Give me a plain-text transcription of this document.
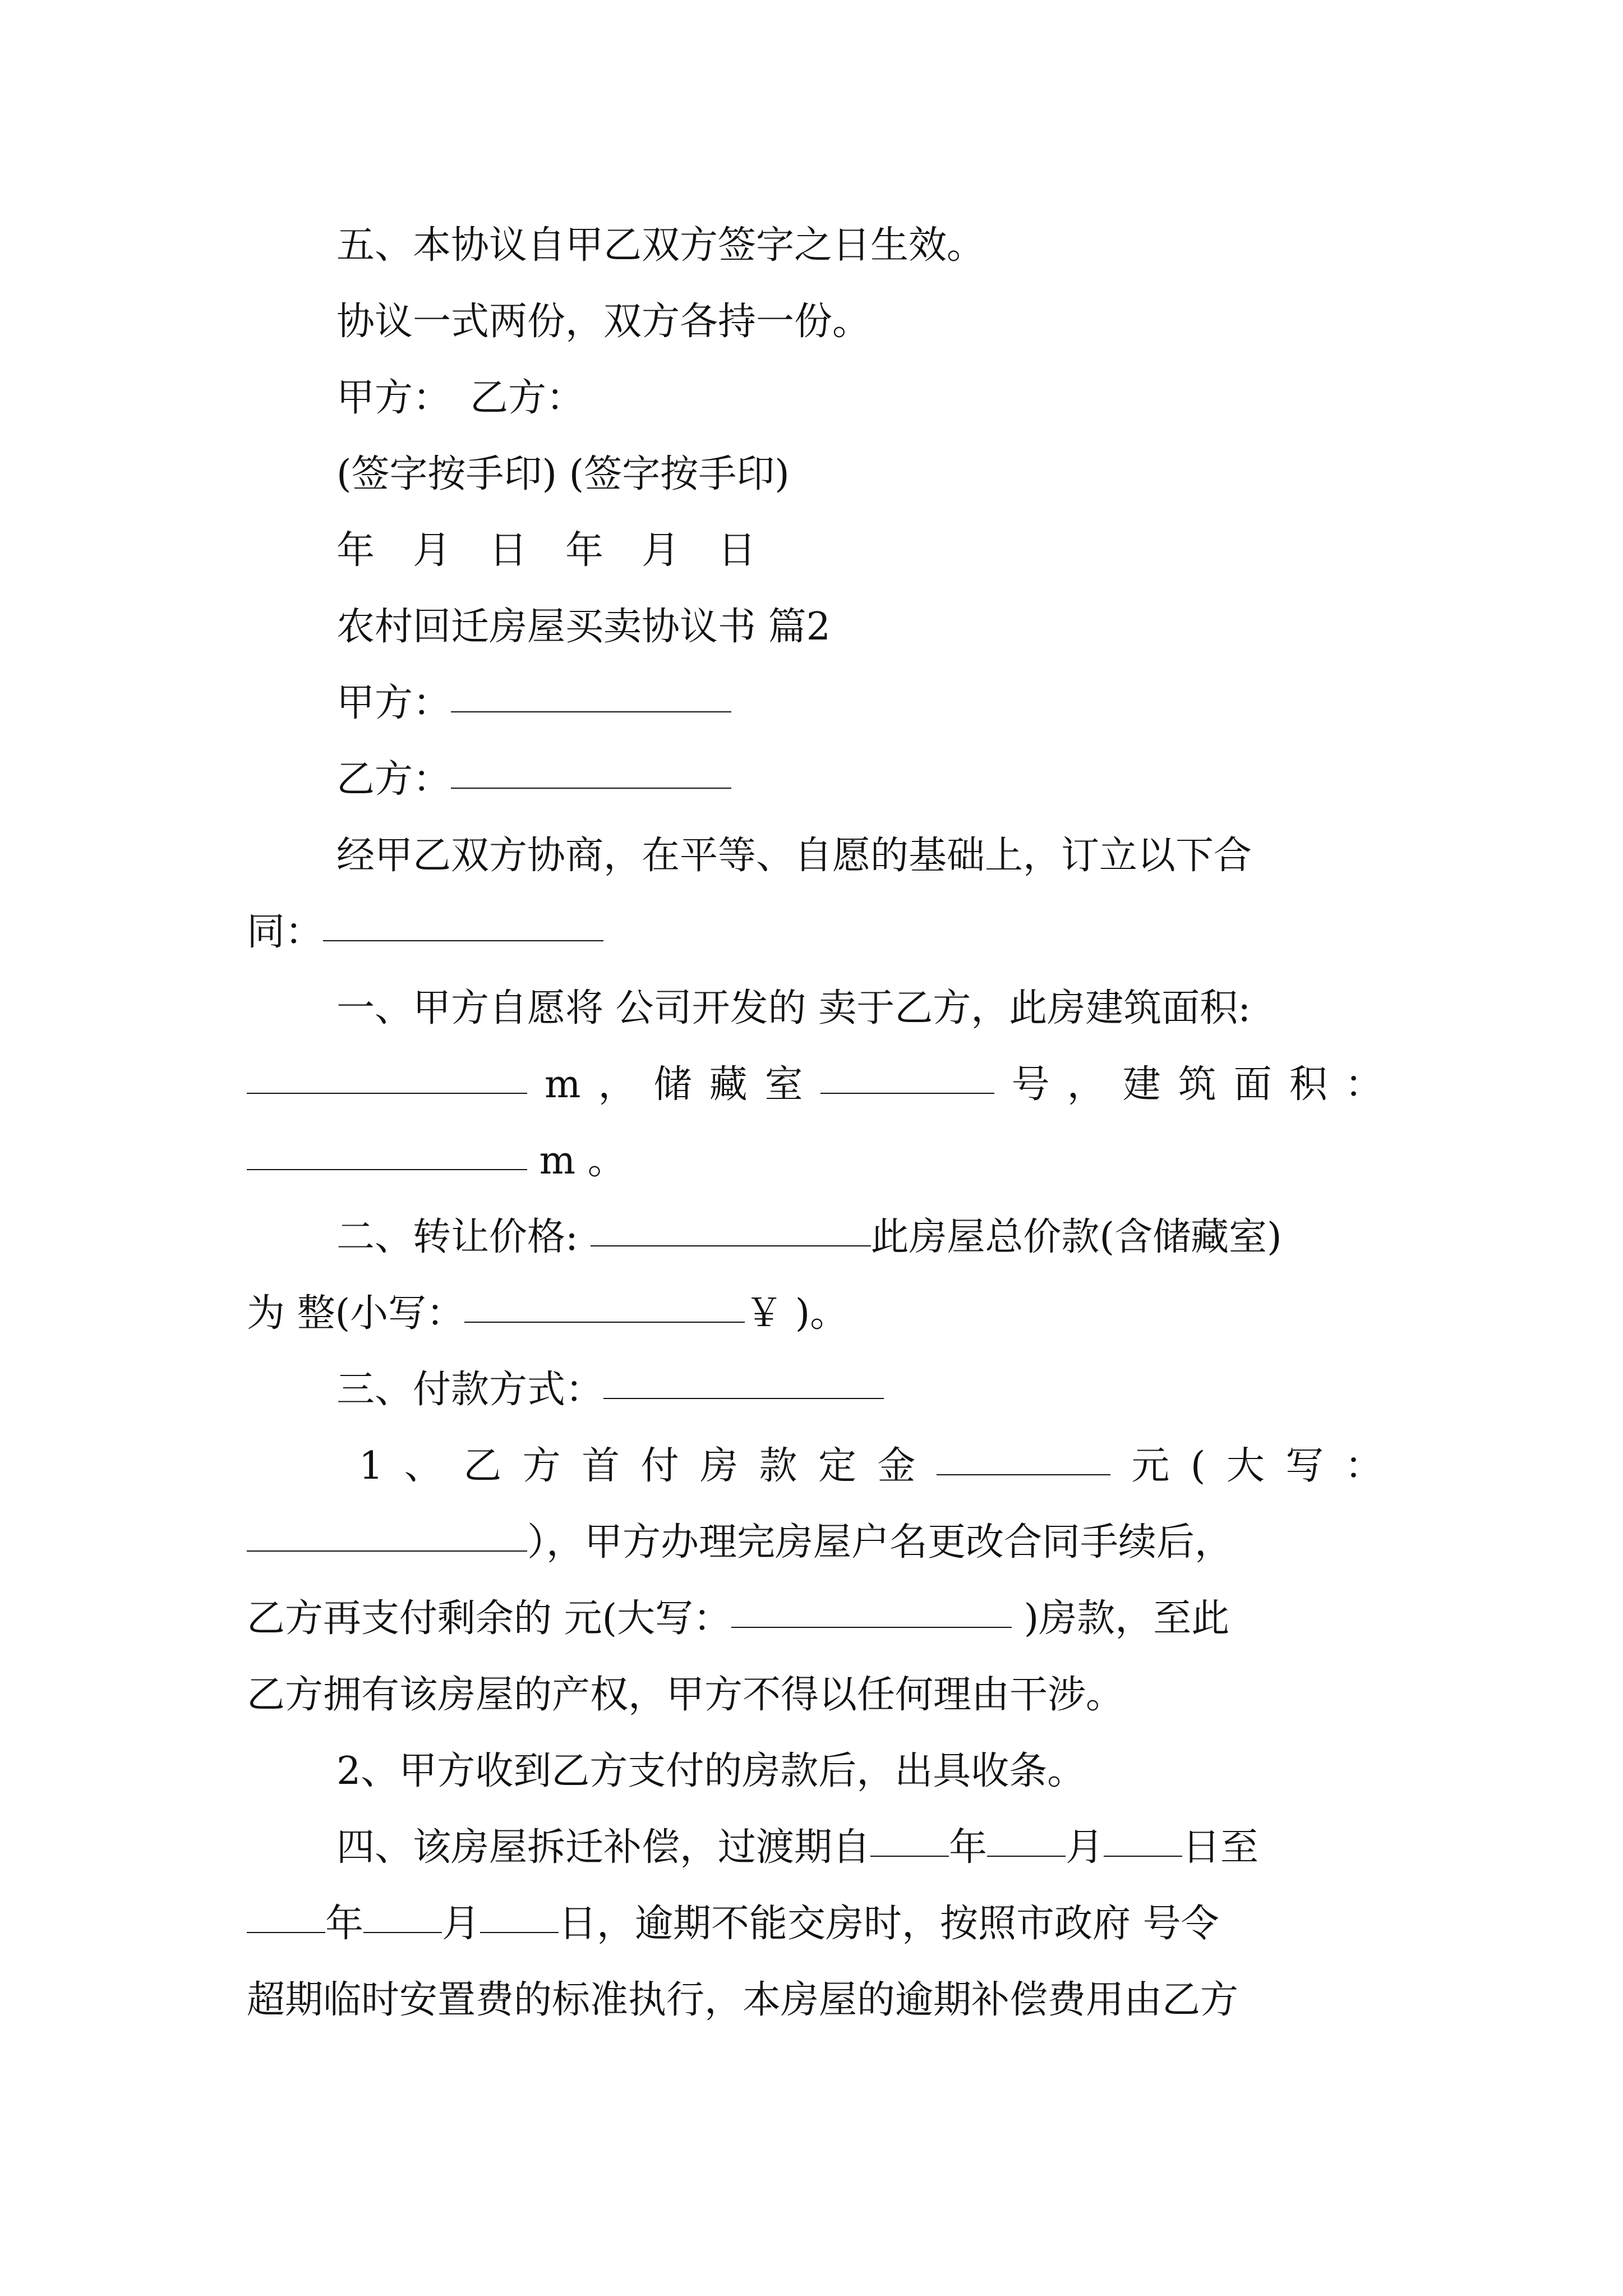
五、本协议自甲乙双方签字之日生效。
协议一式两份，双方各持一份。
甲方：　乙方：
(签字按手印) (签字按手印)
年　月　日　年　月　日
农村回迁房屋买卖协议书 篇2
甲方：
乙方：
经甲乙双方协商，在平等、自愿的基础上，订立以下合
同：
一、甲方自愿将 公司开发的 卖于乙方，此房建筑面积:
m ， 储 藏 室	号 ， 建 筑 面 积 ：
m 。
二、转让价格:	此房屋总价款(含储藏室)
为 整(小写：	￥ )。
三、付款方式：
1 、 乙 方 首 付 房 款 定 金	元 ( 大 写 ：
），甲方办理完房屋户名更改合同手续后，
乙方再支付剩余的 元(大写：	)房款，至此
乙方拥有该房屋的产权，甲方不得以任何理由干涉。
2、甲方收到乙方支付的房款后，出具收条。
四、该房屋拆迁补偿，过渡期自 年 月 日至
年 月 日，逾期不能交房时，按照市政府 号令
超期临时安置费的标准执行，本房屋的逾期补偿费用由乙方
